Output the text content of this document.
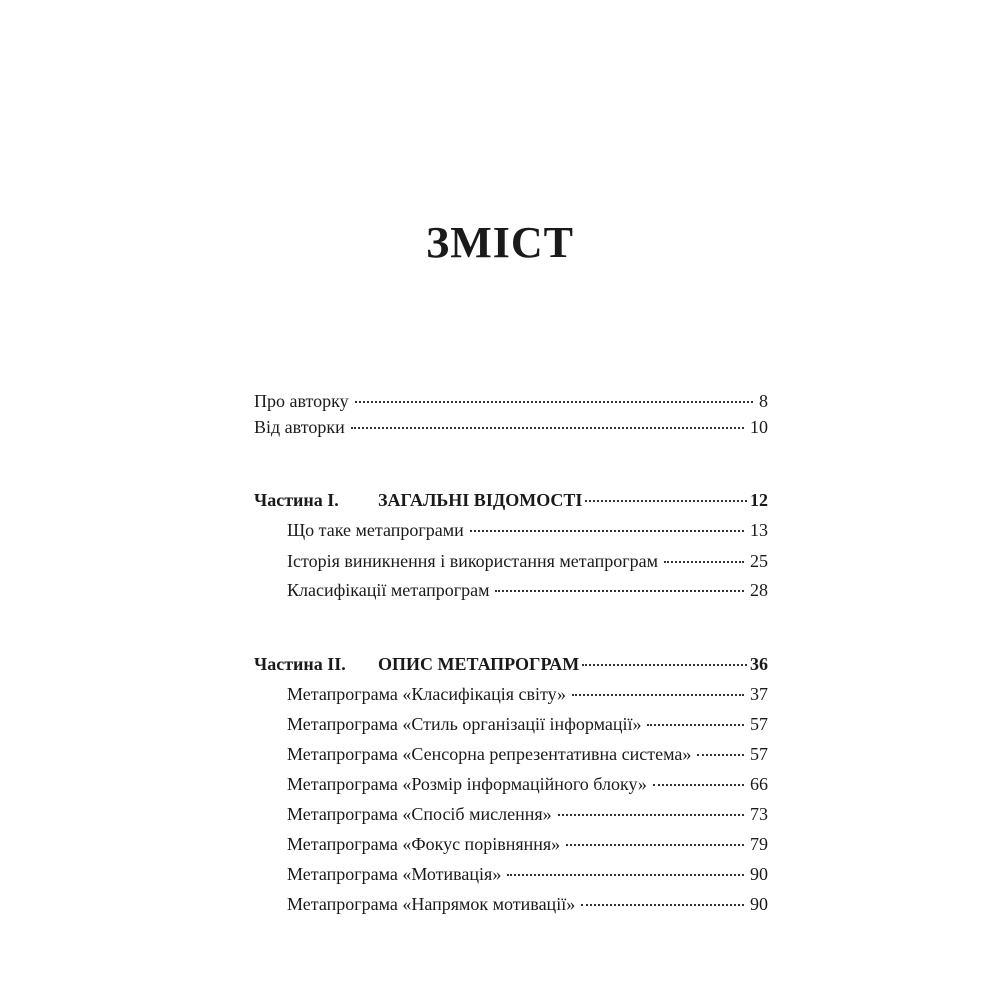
ЗМІСТ
Про авторку	8
Від авторки	10
Частина І.	ЗАГАЛЬНІ ВІДОМОСТІ	12
Що таке метапрограми	13
Історія виникнення і використання метапрограм	25
Класифікації метапрограм	28
Частина ІІ.	ОПИС МЕТАПРОГРАМ	36
Метапрограма «Класифікація світу»	37
Метапрограма «Стиль організації інформації»	57
Метапрограма «Сенсорна репрезентативна система»	57
Метапрограма «Розмір інформаційного блоку»	66
Метапрограма «Спосіб мислення»	73
Метапрограма «Фокус порівняння»	79
Метапрограма «Мотивація»	90
Метапрограма «Напрямок мотивації»	90
